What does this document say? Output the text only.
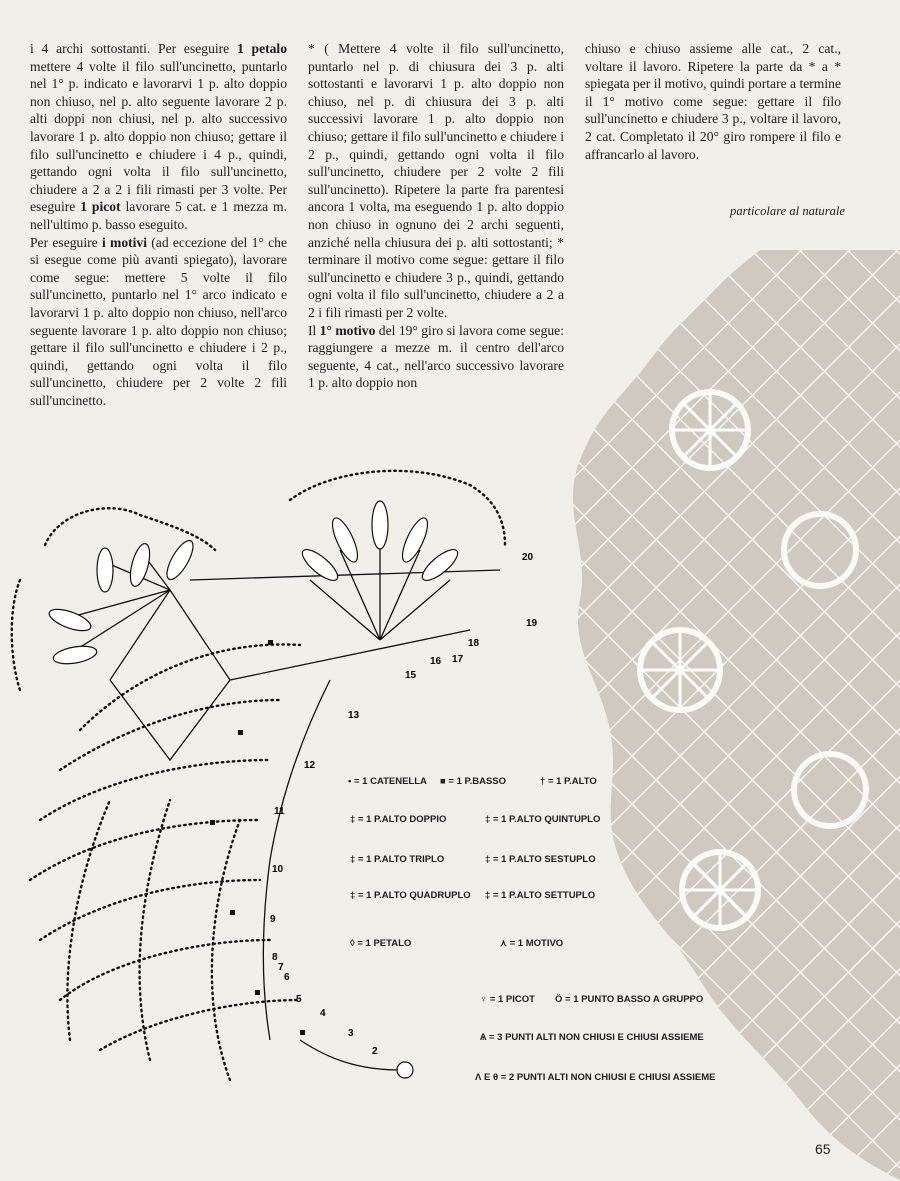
i 4 archi sottostanti. Per eseguire 1 petalo mettere 4 volte il filo sull'uncinetto, puntarlo nel 1° p. indicato e lavorarvi 1 p. alto doppio non chiuso, nel p. alto seguente lavorare 2 p. alti doppi non chiusi, nel p. alto successivo lavorare 1 p. alto doppio non chiuso; gettare il filo sull'uncinetto e chiudere i 4 p., quindi, gettando ogni volta il filo sull'uncinetto, chiudere a 2 a 2 i fili rimasti per 3 volte. Per eseguire 1 picot lavorare 5 cat. e 1 mezza m. nell'ultimo p. basso eseguito.

Per eseguire i motivi (ad eccezione del 1° che si esegue come più avanti spiegato), lavorare come segue: mettere 5 volte il filo sull'uncinetto, puntarlo nel 1° arco indicato e lavorarvi 1 p. alto doppio non chiuso, nell'arco seguente lavorare 1 p. alto doppio non chiuso; gettare il filo sull'uncinetto e chiudere i 2 p., quindi, gettando ogni volta il filo sull'uncinetto, chiudere per 2 volte 2 fili sull'uncinetto.

* ( Mettere 4 volte il filo sull'uncinetto, puntarlo nel p. di chiusura dei 3 p. alti sottostanti e lavorarvi 1 p. alto doppio non chiuso, nel p. di chiusura dei 3 p. alti successivi lavorare 1 p. alto doppio non chiuso; gettare il filo sull'uncinetto e chiudere i 2 p., quindi, gettando ogni volta il filo sull'uncinetto, chiudere per 2 volte 2 fili sull'uncinetto). Ripetere la parte fra parentesi ancora 1 volta, ma eseguendo 1 p. alto doppio non chiuso in ognuno dei 2 archi seguenti, anziché nella chiusura dei p. alti sottostanti; * terminare il motivo come segue: gettare il filo sull'uncinetto e chiudere 3 p., quindi, gettando ogni volta il filo sull'uncinetto, chiudere a 2 a 2 i fili rimasti per 2 volte.

Il 1° motivo del 19° giro si lavora come segue: raggiungere a mezze m. il centro dell'arco seguente, 4 cat., nell'arco successivo lavorare 1 p. alto doppio non

chiuso e chiuso assieme alle cat., 2 cat., voltare il lavoro. Ripetere la parte da * a * spiegata per il motivo, quindi portare a termine il 1° motivo come segue: gettare il filo sull'uncinetto e chiudere 3 p., voltare il lavoro, 2 cat. Completato il 20° giro rompere il filo e affrancarlo al lavoro.

particolare al naturale
2
3
4
5
6
7
8
9
10
11
12
13
15
16 17
18
19
20
• = 1 CATENELLA ■ = 1 P.BASSO	† = 1 P.ALTO
‡ = 1 P.ALTO DOPPIO	‡ = 1 P.ALTO QUINTUPLO
‡ = 1 P.ALTO TRIPLO	‡ = 1 P.ALTO SESTUPLO
‡ = 1 P.ALTO QUADRUPLO ‡ = 1 P.ALTO SETTUPLO
◊ = 1 PETALO	⋏ = 1 MOTIVO
♀ = 1 PICOT Ö = 1 PUNTO BASSO A GRUPPO
Ѧ = 3 PUNTI ALTI NON CHIUSI E CHIUSI ASSIEME
Λ E θ = 2 PUNTI ALTI NON CHIUSI E CHIUSI ASSIEME
65
